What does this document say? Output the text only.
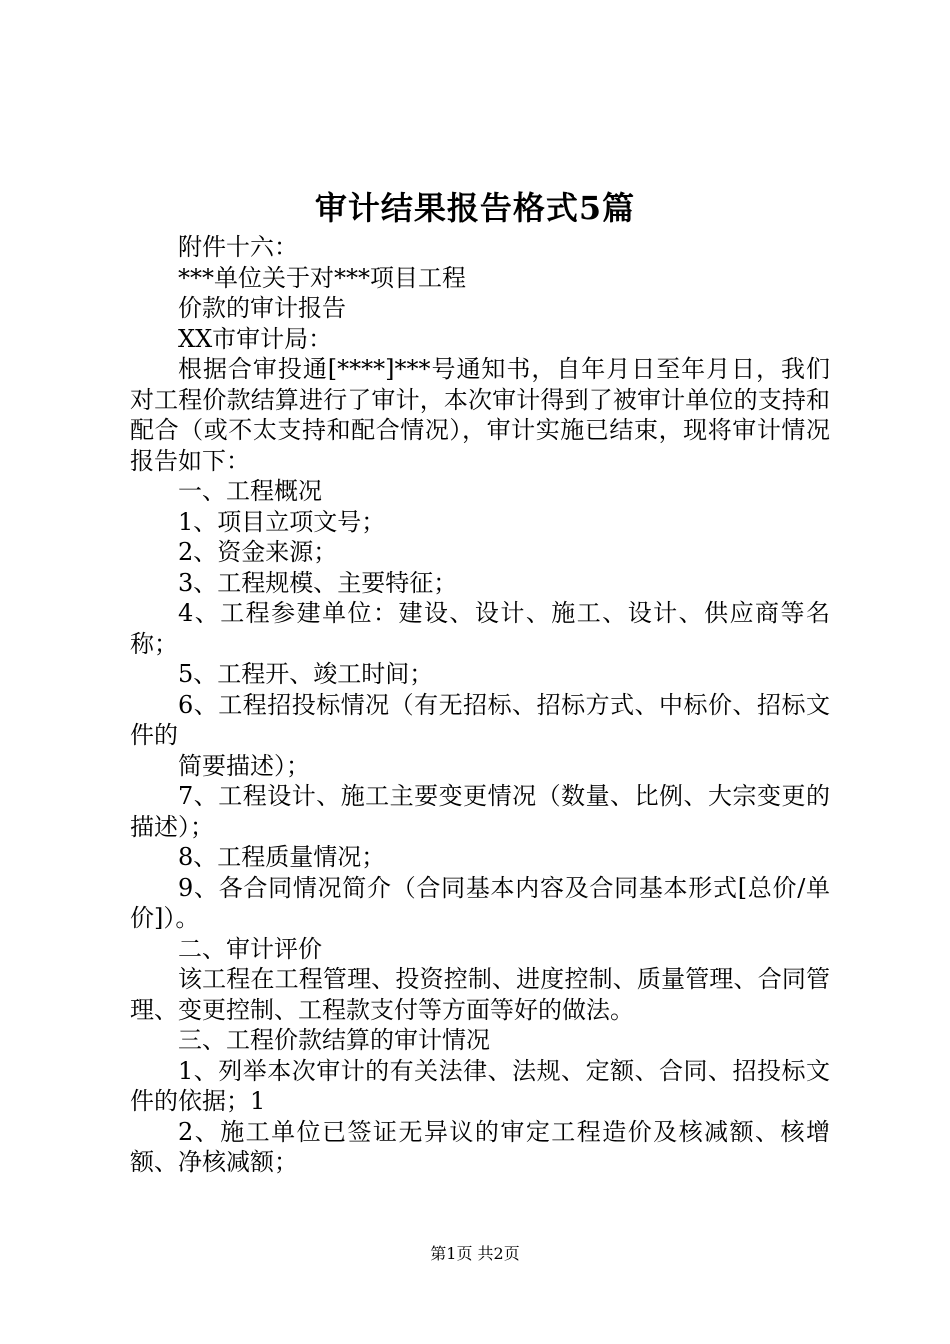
审计结果报告格式5篇

附件十六：

***单位关于对***项目工程

价款的审计报告

XX市审计局：

根据合审投通[****]***号通知书，自年月日至年月日，我们对工程价款结算进行了审计，本次审计得到了被审计单位的支持和配合（或不太支持和配合情况），审计实施已结束，现将审计情况报告如下：

一、工程概况

1、项目立项文号；

2、资金来源；

3、工程规模、主要特征；

4、工程参建单位：建设、设计、施工、设计、供应商等名称；

5、工程开、竣工时间；

6、工程招投标情况（有无招标、招标方式、中标价、招标文件的

简要描述）；

7、工程设计、施工主要变更情况（数量、比例、大宗变更的描述）；

8、工程质量情况；

9、各合同情况简介（合同基本内容及合同基本形式[总价/单价]）。

二、审计评价

该工程在工程管理、投资控制、进度控制、质量管理、合同管理、变更控制、工程款支付等方面等好的做法。

三、工程价款结算的审计情况

1、列举本次审计的有关法律、法规、定额、合同、招投标文件的依据；1

2、施工单位已签证无异议的审定工程造价及核减额、核增额、净核减额；

第1页 共2页
